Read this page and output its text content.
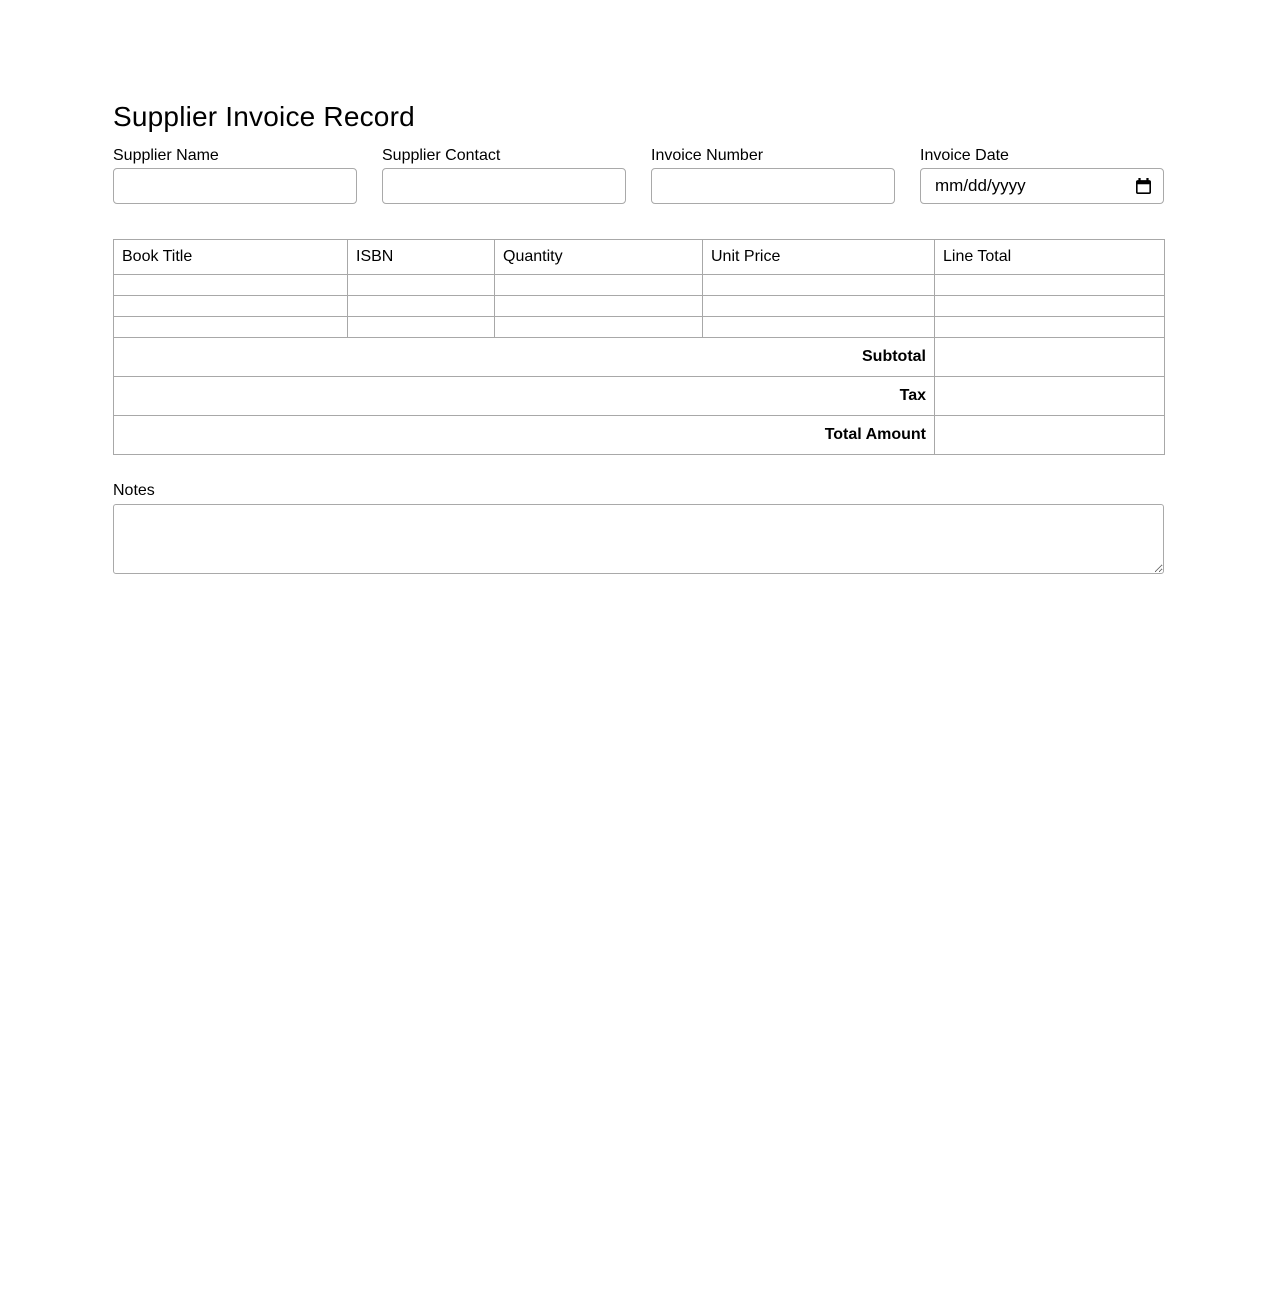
Supplier Invoice Record
Supplier Name	Supplier Contact	Invoice Number	Invoice Date
mm/dd/yyyy
Book Title	ISBN	Quantity	Unit Price	Line Total

Subtotal				
Tax				
Total Amount				
Notes
